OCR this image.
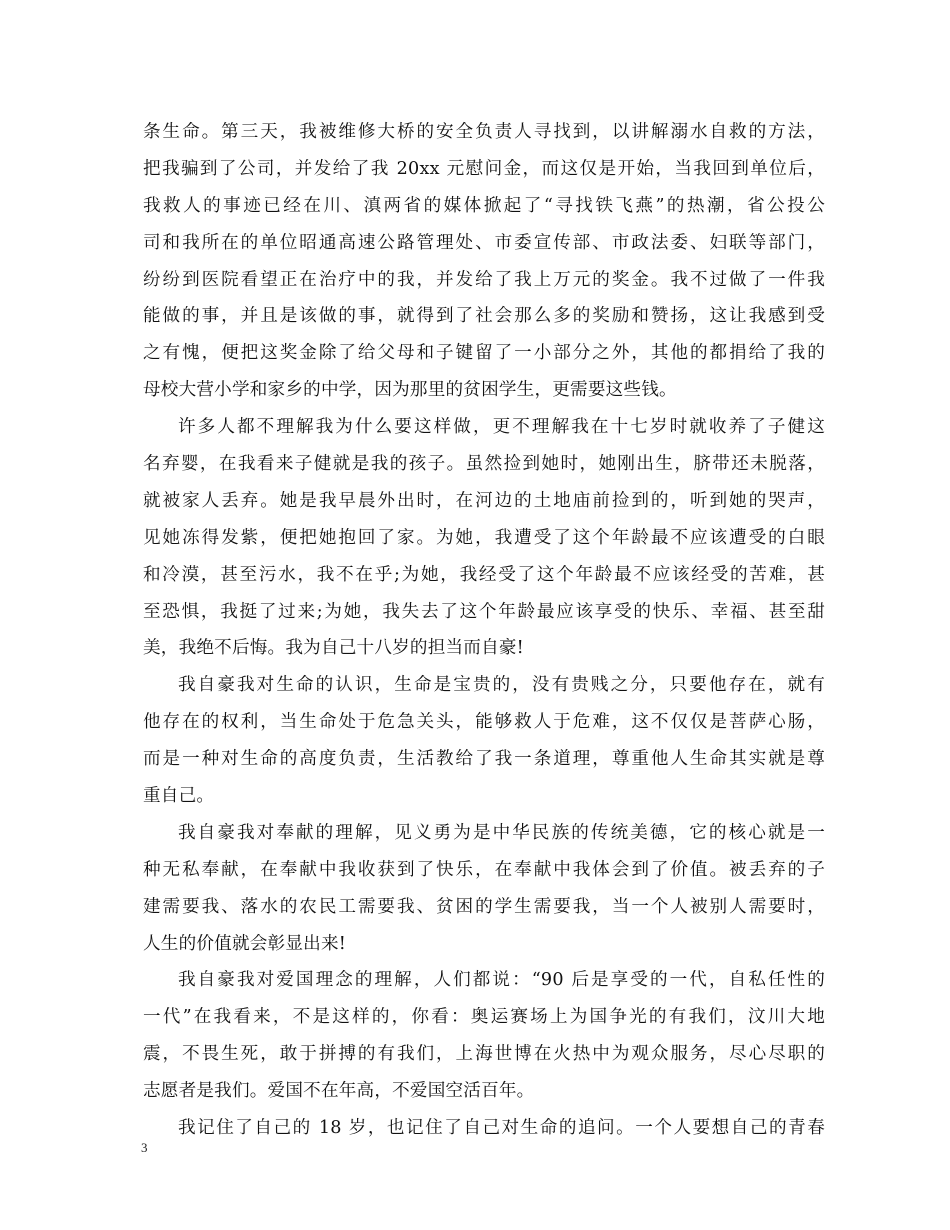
条生命。第三天，我被维修大桥的安全负责人寻找到，以讲解溺水自救的方法，
把我骗到了公司，并发给了我 20xx 元慰问金，而这仅是开始，当我回到单位后，
我救人的事迹已经在川、滇两省的媒体掀起了“寻找铁飞燕”的热潮，省公投公
司和我所在的单位昭通高速公路管理处、市委宣传部、市政法委、妇联等部门，
纷纷到医院看望正在治疗中的我，并发给了我上万元的奖金。我不过做了一件我
能做的事，并且是该做的事，就得到了社会那么多的奖励和赞扬，这让我感到受
之有愧，便把这奖金除了给父母和子键留了一小部分之外，其他的都捐给了我的
母校大营小学和家乡的中学，因为那里的贫困学生，更需要这些钱。
许多人都不理解我为什么要这样做，更不理解我在十七岁时就收养了子健这
名弃婴，在我看来子健就是我的孩子。虽然捡到她时，她刚出生，脐带还未脱落，
就被家人丢弃。她是我早晨外出时，在河边的土地庙前捡到的，听到她的哭声，
见她冻得发紫，便把她抱回了家。为她，我遭受了这个年龄最不应该遭受的白眼
和冷漠，甚至污水，我不在乎;为她，我经受了这个年龄最不应该经受的苦难，甚
至恐惧，我挺了过来;为她，我失去了这个年龄最应该享受的快乐、幸福、甚至甜
美，我绝不后悔。我为自己十八岁的担当而自豪!
我自豪我对生命的认识，生命是宝贵的，没有贵贱之分，只要他存在，就有
他存在的权利，当生命处于危急关头，能够救人于危难，这不仅仅是菩萨心肠，
而是一种对生命的高度负责，生活教给了我一条道理，尊重他人生命其实就是尊
重自己。
我自豪我对奉献的理解，见义勇为是中华民族的传统美德，它的核心就是一
种无私奉献，在奉献中我收获到了快乐，在奉献中我体会到了价值。被丢弃的子
建需要我、落水的农民工需要我、贫困的学生需要我，当一个人被别人需要时，
人生的价值就会彰显出来!
我自豪我对爱国理念的理解，人们都说：“90 后是享受的一代，自私任性的
一代”在我看来，不是这样的，你看：奥运赛场上为国争光的有我们，汶川大地
震，不畏生死，敢于拼搏的有我们，上海世博在火热中为观众服务，尽心尽职的
志愿者是我们。爱国不在年高，不爱国空活百年。
我记住了自己的 18 岁，也记住了自己对生命的追问。一个人要想自己的青春
3
